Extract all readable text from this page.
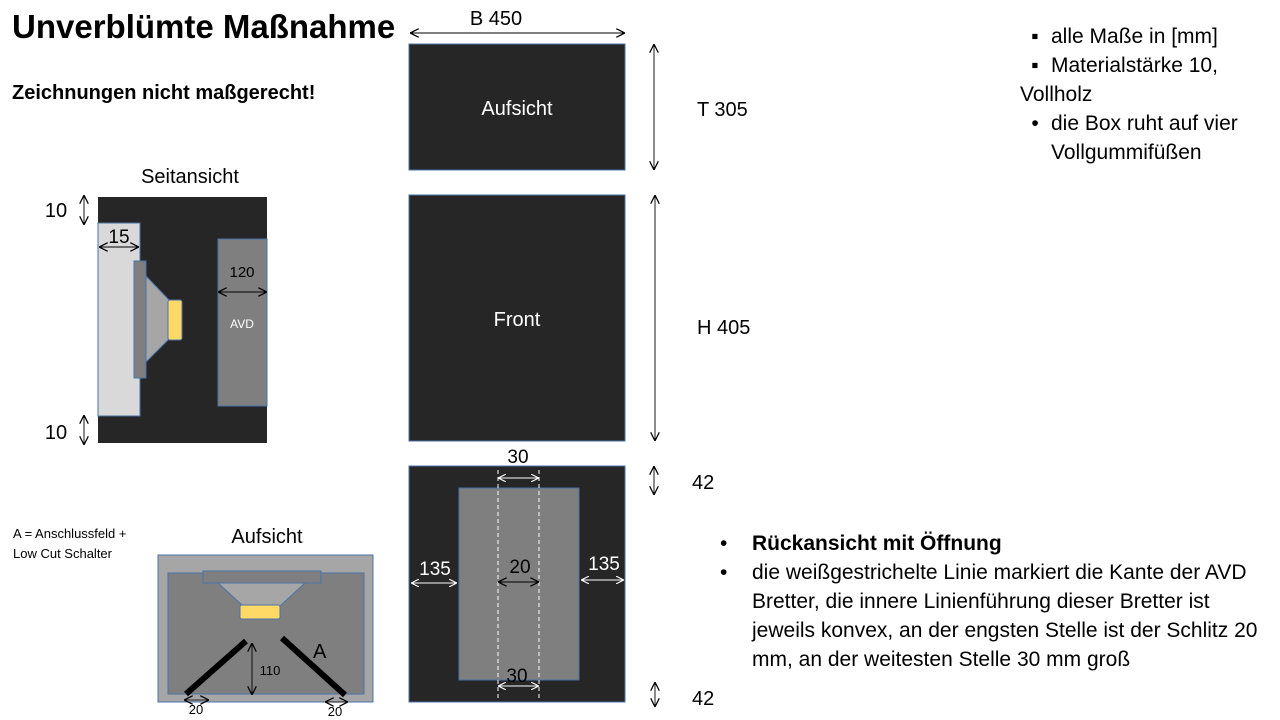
Aufsicht
B 450
T 305
Front	H 405
Seitansicht
AVD
15
120
10
10
30
20
30
135	135
42
42
Aufsicht
A
110
20	20
Unverblümte Maßnahme
Zeichnungen nicht maßgerecht!
A = Anschlussfeld + Low Cut Schalter
▪ alle Maße in [mm]
▪ Materialstärke 10,
Vollholz
• die Box ruht auf vier Vollgummifüßen
• Rückansicht mit Öffnung
• die weißgestrichelte Linie markiert die Kante der AVD Bretter, die innere Linienführung dieser Bretter ist jeweils konvex, an der engsten Stelle ist der Schlitz 20 mm, an der weitesten Stelle 30 mm groß
